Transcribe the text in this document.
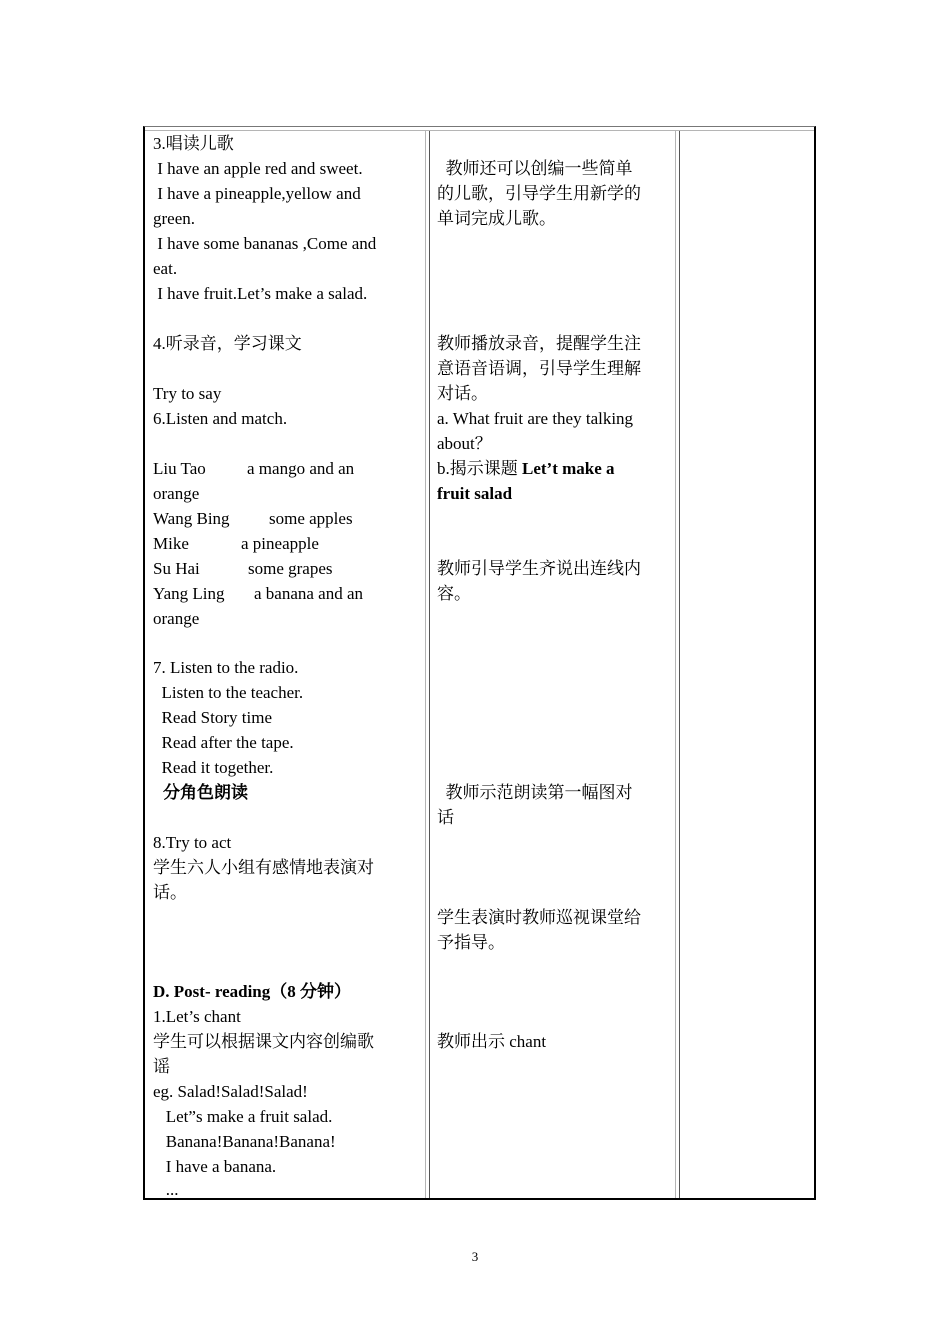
3.唱读儿歌
I have an apple red and sweet.
I have a pineapple,yellow and
green.
I have some bananas ,Come and
eat.
I have fruit.Let’s make a salad.
4.听录音，学习课文
Try to say
6.Listen and match.
Liu Tao a mango and an
orange
Wang Bing some apples
Mike	a pineapple
Su Hai	some grapes
Yang Ling a banana and an
orange
7. Listen to the radio.
Listen to the teacher.
Read Story time
Read after the tape.
Read it together.
分角色朗读
8.Try to act
学生六人小组有感情地表演对
话。
D. Post- reading（8 分钟）
1.Let’s chant
学生可以根据课文内容创编歌
谣
eg. Salad!Salad!Salad!
Let”s make a fruit salad.
Banana!Banana!Banana!
I have a banana.
...
教师还可以创编一些简单
的儿歌，引导学生用新学的
单词完成儿歌。
教师播放录音，提醒学生注
意语音语调，引导学生理解
对话。
a. What fruit are they talking
about？
b.揭示课题 Let’t make a
fruit salad
教师引导学生齐说出连线内
容。
教师示范朗读第一幅图对
话
学生表演时教师巡视课堂给
予指导。
教师出示 chant
3
